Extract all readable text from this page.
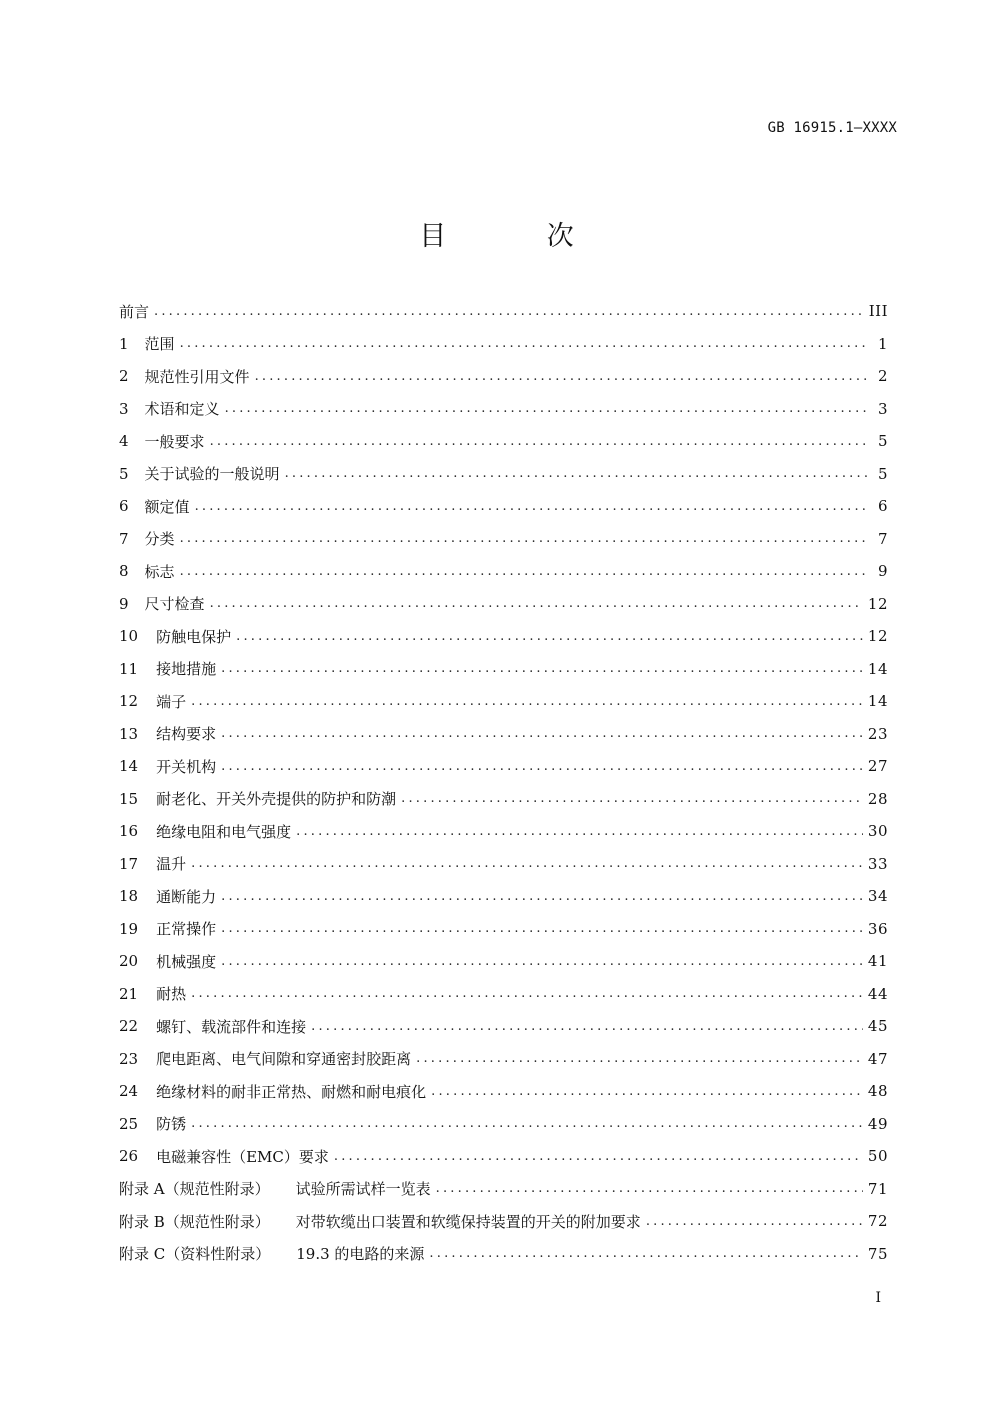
GB 16915.1—XXXX
目 次
前言 .....	III
1 范围 .....	1
2 规范性引用文件 .....	2
3 术语和定义 .....	3
4 一般要求 .....	5
5 关于试验的一般说明 .....	5
6 额定值 .....	6
7 分类 .....	7
8 标志 .....	9
9 尺寸检查 .....	12
10 防触电保护 .....	12
11 接地措施 .....	14
12 端子 .....	14
13 结构要求 .....	23
14 开关机构 .....	27
15 耐老化、开关外壳提供的防护和防潮 .....	28
16 绝缘电阻和电气强度 .....	30
17 温升 .....	33
18 通断能力 .....	34
19 正常操作 .....	36
20 机械强度 .....	41
21 耐热 .....	44
22 螺钉、载流部件和连接 .....	45
23 爬电距离、电气间隙和穿通密封胶距离 .....	47
24 绝缘材料的耐非正常热、耐燃和耐电痕化 .....	48
25 防锈 .....	49
26 电磁兼容性（EMC）要求 .....	50
附录 A（规范性附录） 试验所需试样一览表 .....	71
附录 B（规范性附录） 对带软缆出口装置和软缆保持装置的开关的附加要求 .....	72
附录 C（资料性附录） 19.3 的电路的来源 .....	75
I
